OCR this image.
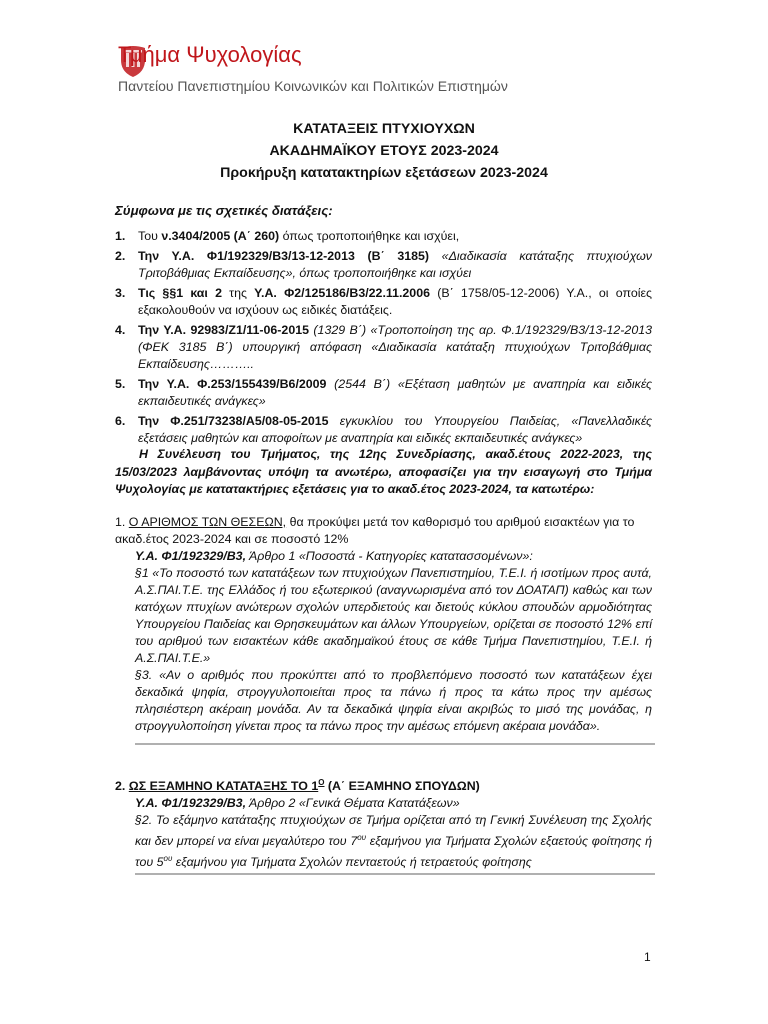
Τμήμα Ψυχολογίας
Παντείου Πανεπιστημίου Κοινωνικών και Πολιτικών Επιστημών
ΚΑΤΑΤΑΞΕΙΣ ΠΤΥΧΙΟΥΧΩΝ
ΑΚΑΔΗΜΑΪΚΟΥ ΕΤΟΥΣ 2023-2024
Προκήρυξη κατατακτηρίων εξετάσεων 2023-2024
Σύμφωνα με τις σχετικές διατάξεις:
1. Του ν.3404/2005 (Α΄ 260) όπως τροποποιήθηκε και ισχύει,
2. Την Υ.Α. Φ1/192329/Β3/13-12-2013 (Β΄ 3185) «Διαδικασία κατάταξης πτυχιούχων Τριτοβάθμιας Εκπαίδευσης», όπως τροποποιήθηκε και ισχύει
3. Τις §§1 και 2 της Υ.Α. Φ2/125186/Β3/22.11.2006 (Β΄ 1758/05-12-2006) Υ.Α., οι οποίες εξακολουθούν να ισχύουν ως ειδικές διατάξεις.
4. Την Υ.Α. 92983/Ζ1/11-06-2015 (1329 Β΄) «Τροποποίηση της αρ. Φ.1/192329/Β3/13-12-2013 (ΦΕΚ 3185 Β΄) υπουργική απόφαση «Διαδικασία κατάταξη πτυχιούχων Τριτοβάθμιας Εκπαίδευσης………..
5. Την Υ.Α. Φ.253/155439/Β6/2009 (2544 Β΄) «Εξέταση μαθητών με αναπηρία και ειδικές εκπαιδευτικές ανάγκες»
6. Την Φ.251/73238/Α5/08-05-2015 εγκυκλίου του Υπουργείου Παιδείας, «Πανελλαδικές εξετάσεις μαθητών και αποφοίτων με αναπηρία και ειδικές εκπαιδευτικές ανάγκες»
Η Συνέλευση του Τμήματος, της 12ης Συνεδρίασης, ακαδ.έτους 2022-2023, της 15/03/2023 λαμβάνοντας υπόψη τα ανωτέρω, αποφασίζει για την εισαγωγή στο Τμήμα Ψυχολογίας με κατατακτήριες εξετάσεις για το ακαδ.έτος 2023-2024, τα κατωτέρω:
1. Ο ΑΡΙΘΜΟΣ ΤΩΝ ΘΕΣΕΩΝ, θα προκύψει μετά τον καθορισμό του αριθμού εισακτέων για το ακαδ.έτος 2023-2024 και σε ποσοστό 12%
Υ.Α. Φ1/192329/Β3, Άρθρο 1 «Ποσοστά - Κατηγορίες κατατασσομένων»:
§1 «Το ποσοστό των κατατάξεων των πτυχιούχων Πανεπιστημίου, Τ.Ε.Ι. ή ισοτίμων προς αυτά, Α.Σ.ΠΑΙ.Τ.Ε. της Ελλάδος ή του εξωτερικού (αναγνωρισμένα από τον ΔΟΑΤΑΠ) καθώς και των κατόχων πτυχίων ανώτερων σχολών υπερδιετούς και διετούς κύκλου σπουδών αρμοδιότητας Υπουργείου Παιδείας και Θρησκευμάτων και άλλων Υπουργείων, ορίζεται σε ποσοστό 12% επί του αριθμού των εισακτέων κάθε ακαδημαϊκού έτους σε κάθε Τμήμα Πανεπιστημίου, Τ.Ε.Ι. ή Α.Σ.ΠΑΙ.Τ.Ε.»
§3. «Αν ο αριθμός που προκύπτει από το προβλεπόμενο ποσοστό των κατατάξεων έχει δεκαδικά ψηφία, στρογγυλοποιείται προς τα πάνω ή προς τα κάτω προς την αμέσως πλησιέστερη ακέραιη μονάδα. Αν τα δεκαδικά ψηφία είναι ακριβώς το μισό της μονάδας, η στρογγυλοποίηση γίνεται προς τα πάνω προς την αμέσως επόμενη ακέραια μονάδα».
2. ΩΣ ΕΞΑΜΗΝΟ ΚΑΤΑΤΑΞΗΣ ΤΟ $1^O$ (Α΄ ΕΞΑΜΗΝΟ ΣΠΟΥΔΩΝ)
Υ.Α. Φ1/192329/Β3, Άρθρο 2 «Γενικά Θέματα Κατατάξεων»
§2. Το εξάμηνο κατάταξης πτυχιούχων σε Τμήμα ορίζεται από τη Γενική Συνέλευση της Σχολής και δεν μπορεί να είναι μεγαλύτερο του $7^{o\upsilon}$ εξαμήνου για Τμήματα Σχολών εξαετούς φοίτησης ή του $5^{o\upsilon}$ εξαμήνου για Τμήματα Σχολών πενταετούς ή τετραετούς φοίτησης
1
